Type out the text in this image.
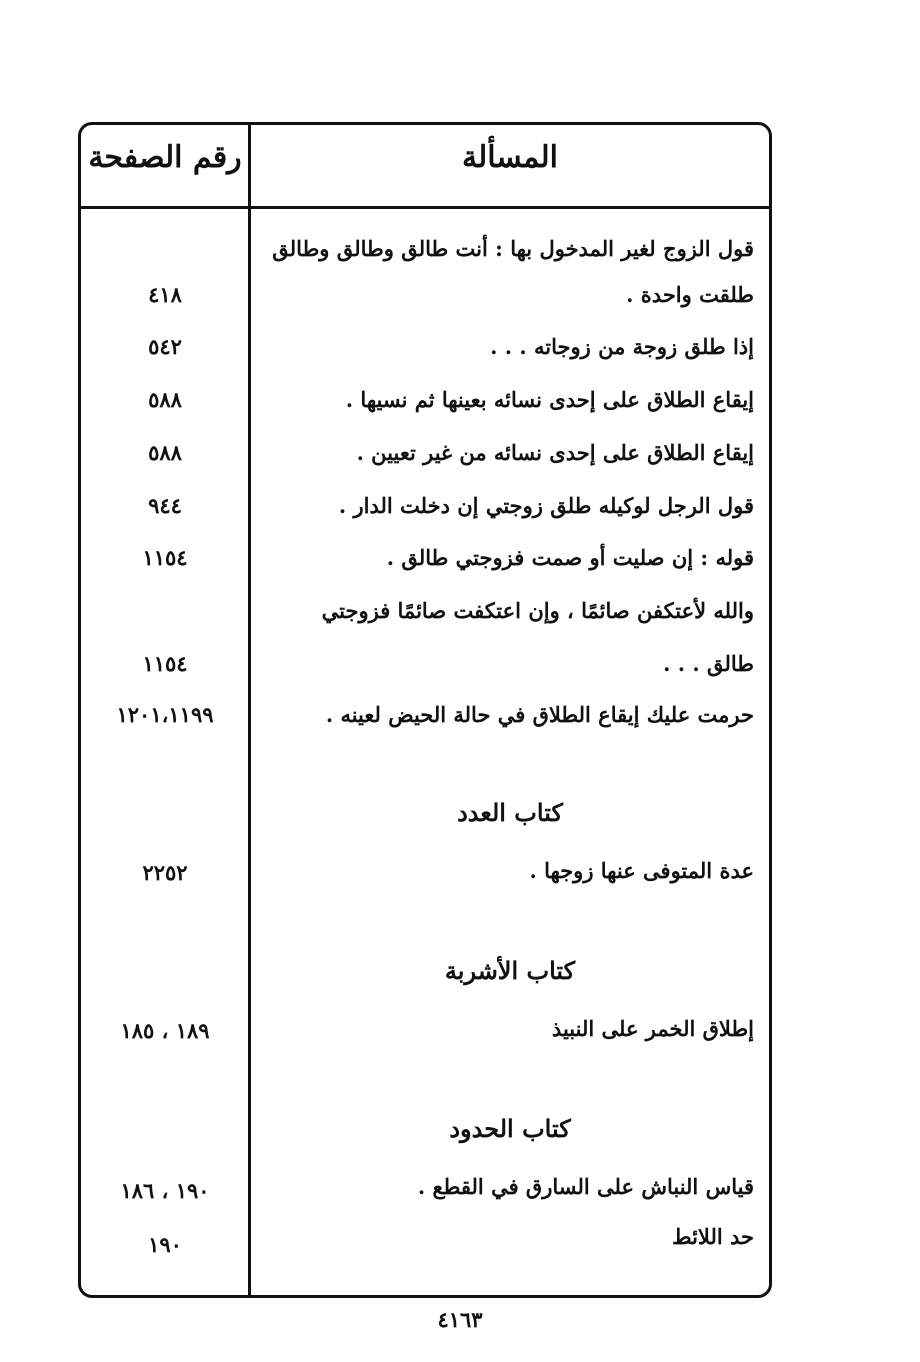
المسألة
رقم الصفحة
قول الزوج لغير المدخول بها : أنت طالق وطالق وطالق
طلقت واحدة .
٤١٨
إذا طلق زوجة من زوجاته . . .
٥٤٢
إيقاع الطلاق على إحدى نسائه بعينها ثم نسيها .
٥٨٨
إيقاع الطلاق على إحدى نسائه من غير تعيين .
٥٨٨
قول الرجل لوكيله طلق زوجتي إن دخلت الدار .
٩٤٤
قوله : إن صليت أو صمت فزوجتي طالق .
١١٥٤
والله لأعتكفن صائمًا ، وإن اعتكفت صائمًا فزوجتي
طالق . . .
١١٥٤
حرمت عليك إيقاع الطلاق في حالة الحيض لعينه .
١٢٠١،١١٩٩
كتاب العدد
عدة المتوفى عنها زوجها .
٢٢٥٢
كتاب الأشربة
إطلاق الخمر على النبيذ
١٨٩ ، ١٨٥
كتاب الحدود
قياس النباش على السارق في القطع .
١٩٠ ، ١٨٦
حد اللائط
١٩٠
٤١٦٣
